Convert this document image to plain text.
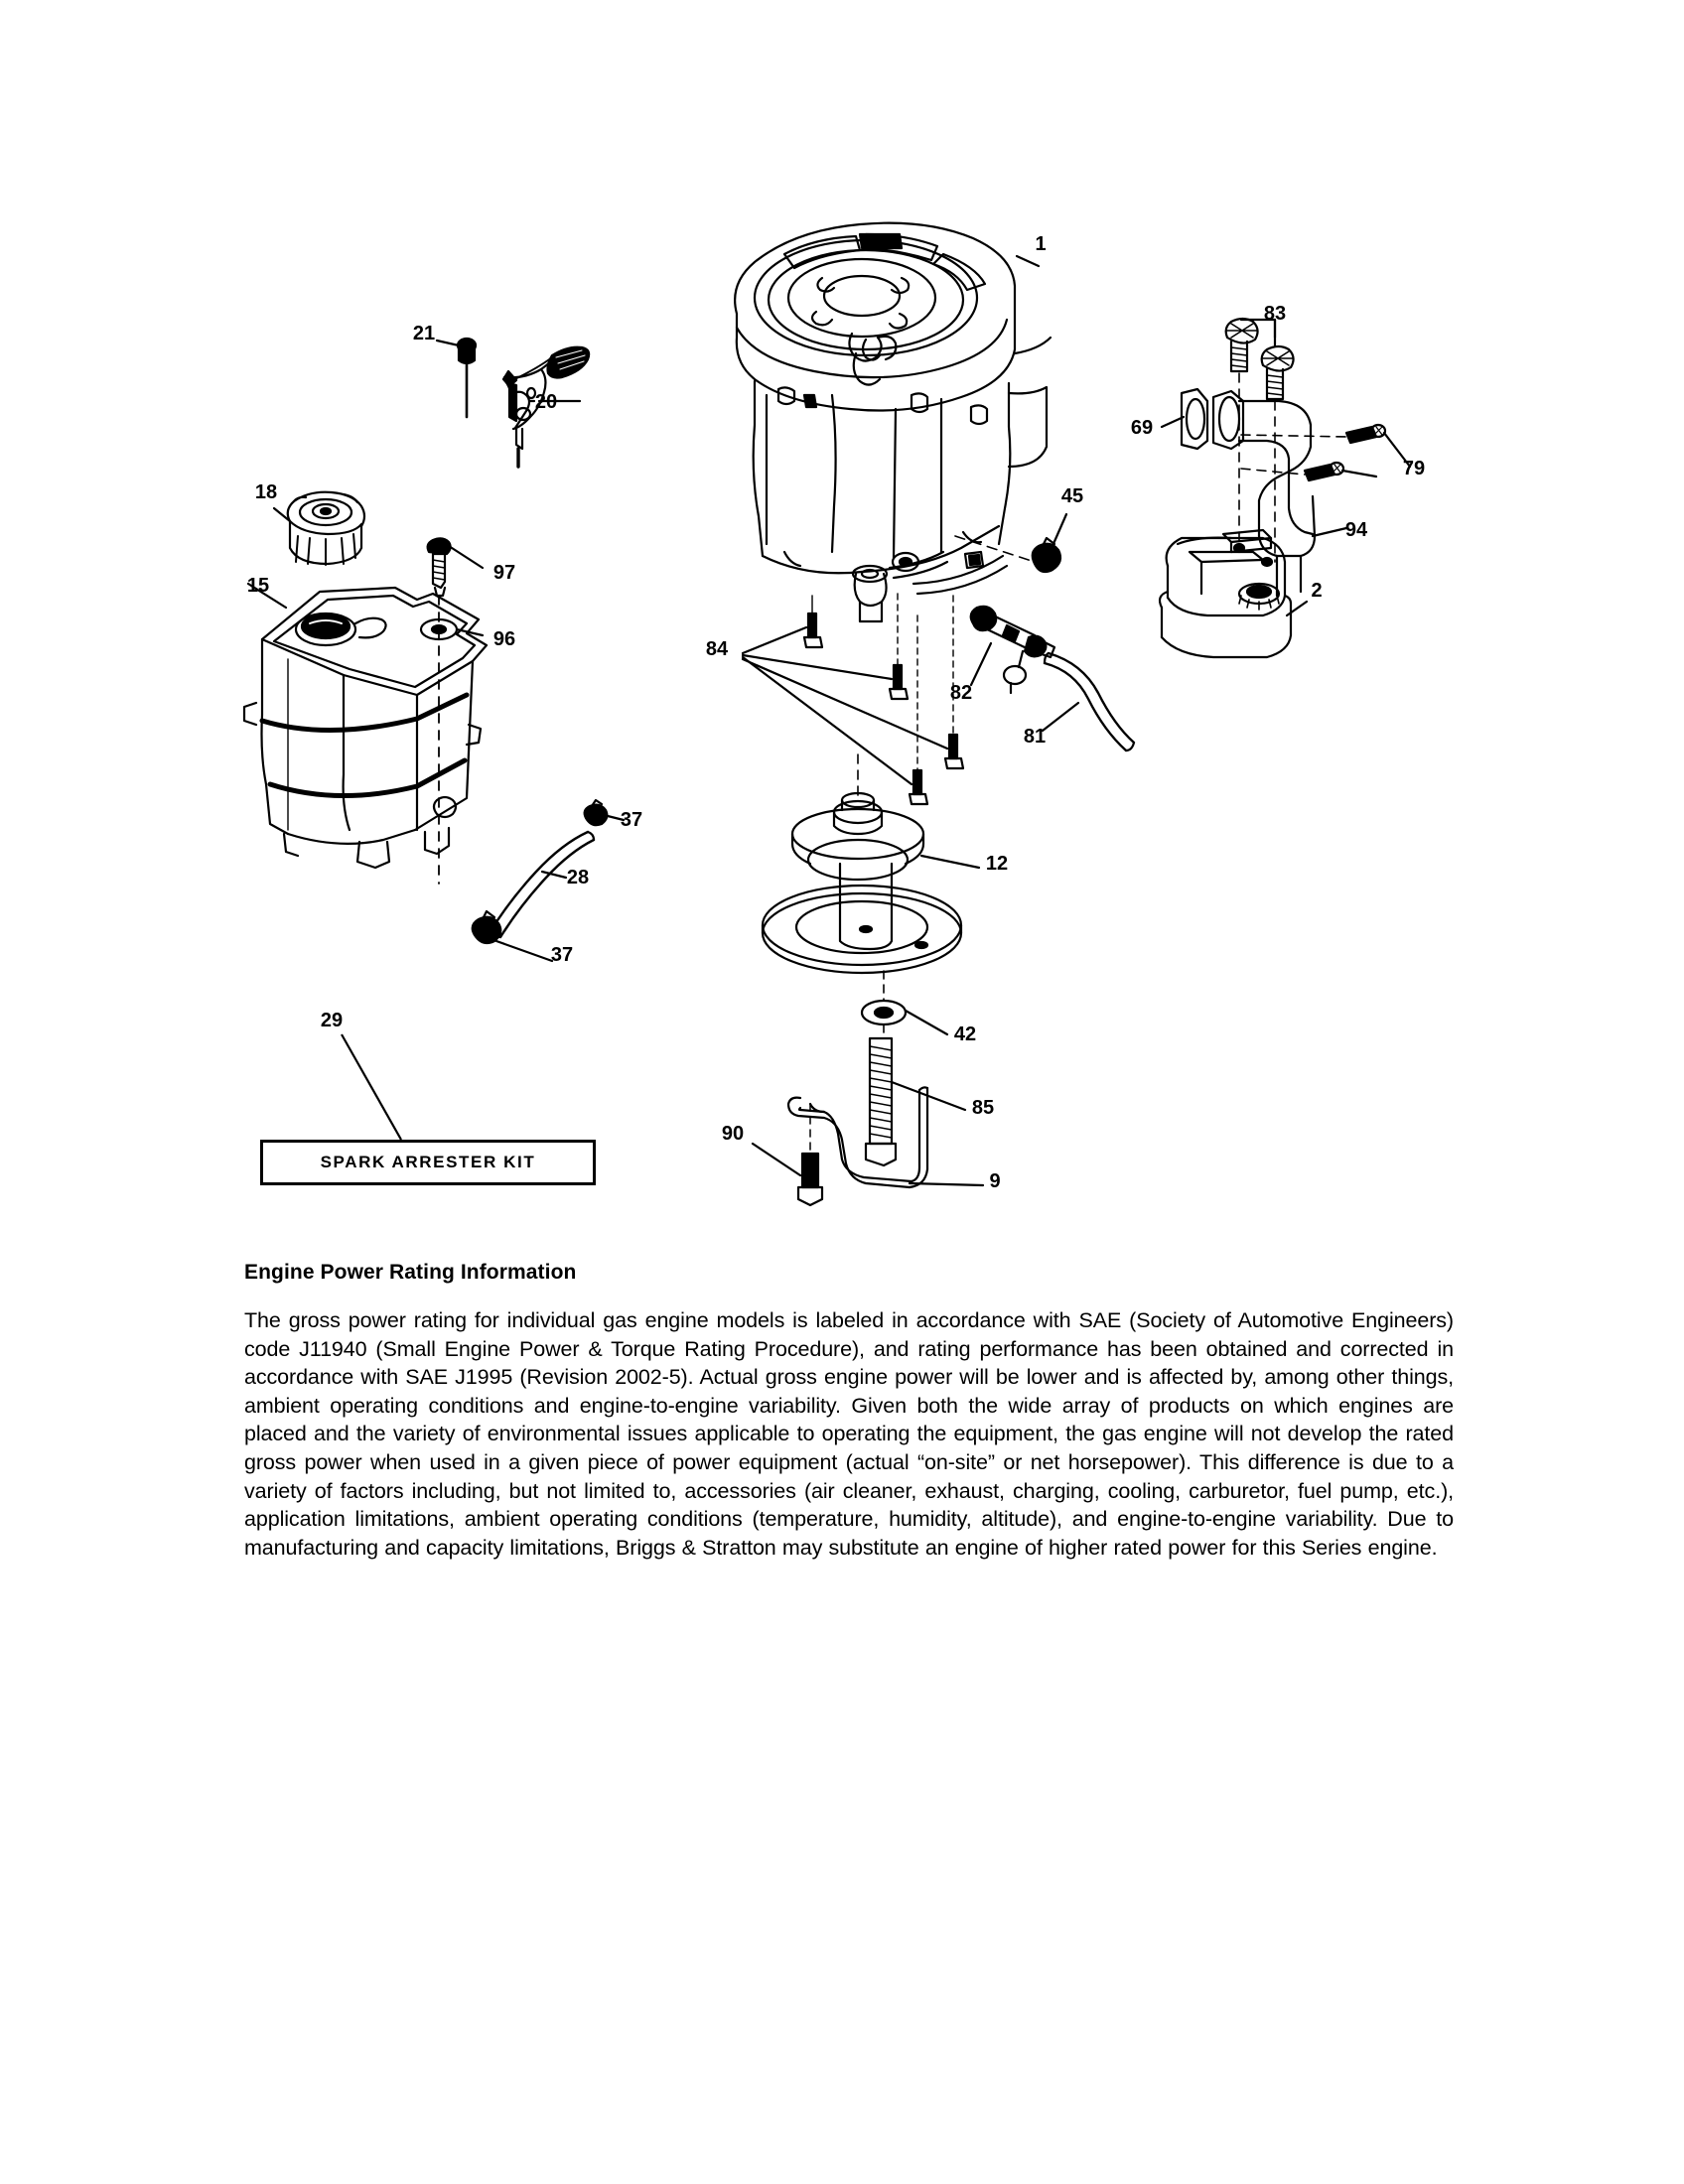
1
21
20
83
69
79
18	45
94
97
15	2
96	84
82
81
37
28
12
37
29
42
85
90
9
SPARK ARRESTER KIT
Engine Power Rating Information

The gross power rating for individual gas engine models is labeled in accordance with SAE (Society of Automotive Engineers) code J11940 (Small Engine Power & Torque Rating Procedure), and rating performance has been obtained and corrected in accordance with SAE J1995 (Revision 2002-5). Actual gross engine power will be lower and is affected by, among other things, ambient operating conditions and engine-to-engine variability. Given both the wide array of products on which engines are placed and the variety of environmental issues applicable to operating the equipment, the gas engine will not develop the rated gross power when used in a given piece of power equipment (actual “on-site” or net horsepower). This difference is due to a variety of factors including, but not limited to, accessories (air cleaner, exhaust, charging, cooling, carburetor, fuel pump, etc.), application limitations, ambient operating conditions (temperature, humidity, altitude), and engine-to-engine variability. Due to manufacturing and capacity limitations, Briggs & Stratton may substitute an engine of higher rated power for this Series engine.
